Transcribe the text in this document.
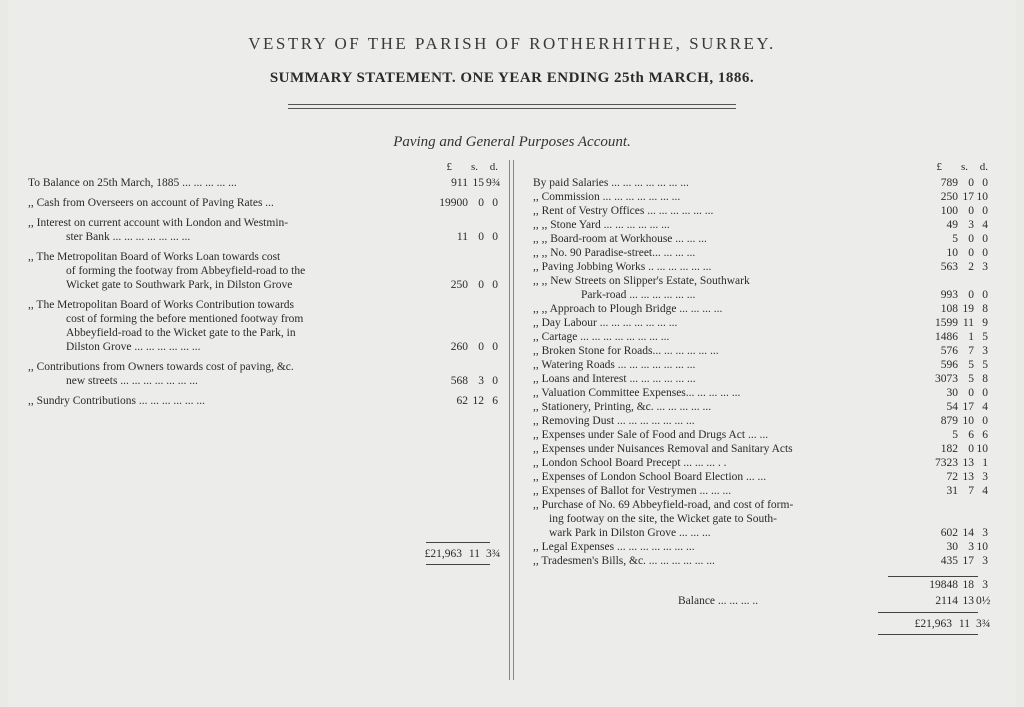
VESTRY OF THE PARISH OF ROTHERHITHE, SURREY.
SUMMARY STATEMENT. ONE YEAR ENDING 25th MARCH, 1886.
Paving and General Purposes Account.
£ s. d.
To Balance on 25th March, 1885 ... ... ... ... ...	911 15 9¾
,, Cash from Overseers on account of Paving Rates ...	19900 0 0
,, Interest on current account with London and Westmin-
ster Bank ... ... ... ... ... ... ...	11 0 0
,, The Metropolitan Board of Works Loan towards cost
of forming the footway from Abbeyfield-road to the
Wicket gate to Southwark Park, in Dilston Grove	250 0 0
,, The Metropolitan Board of Works Contribution towards
cost of forming the before mentioned footway from
Abbeyfield-road to the Wicket gate to the Park, in
Dilston Grove ... ... ... ... ... ...	260 0 0
,, Contributions from Owners towards cost of paving, &c.
new streets ... ... ... ... ... ... ...	568 3 0
,, Sundry Contributions ... ... ... ... ... ...	62 12 6
£21,963 11 3¾
£ s. d.
By paid Salaries ... ... ... ... ... ... ...	789 0 0
,, Commission ... ... ... ... ... ... ...	250 17 10
,, Rent of Vestry Offices ... ... ... ... ... ...	100 0 0
,, ,, Stone Yard ... ... ... ... ... ...	49 3 4
,, ,, Board-room at Workhouse ... ... ...	5 0 0
,, ,, No. 90 Paradise-street... ... ... ...	10 0 0
,, Paving Jobbing Works .. ... ... ... ... ...	563 2 3
,, ,, New Streets on Slipper's Estate, Southwark
Park-road ... ... ... ... ... ...	993 0 0
,, ,, Approach to Plough Bridge ... ... ... ...	108 19 8
,, Day Labour ... ... ... ... ... ... ...	1599 11 9
,, Cartage ... ... ... ... ... ... ... ...	1486 1 5
,, Broken Stone for Roads... ... ... ... ... ...	576 7 3
,, Watering Roads ... ... ... ... ... ... ...	596 5 5
,, Loans and Interest ... ... ... ... ... ...	3073 5 8
,, Valuation Committee Expenses... ... ... ... ...	30 0 0
,, Stationery, Printing, &c. ... ... ... ... ...	54 17 4
,, Removing Dust ... ... ... ... ... ... ...	879 10 0
,, Expenses under Sale of Food and Drugs Act ... ...	5 6 6
,, Expenses under Nuisances Removal and Sanitary Acts	182 0 10
,, London School Board Precept ... ... ... . .	7323 13 1
,, Expenses of London School Board Election ... ...	72 13 3
,, Expenses of Ballot for Vestrymen ... ... ...	31 7 4
,, Purchase of No. 69 Abbeyfield-road, and cost of form-
ing footway on the site, the Wicket gate to South-
wark Park in Dilston Grove ... ... ...	602 14 3
,, Legal Expenses ... ... ... ... ... ... ...	30 3 10
,, Tradesmen's Bills, &c. ... ... ... ... ... ...	435 17 3
19848 18 3
Balance ... ... ... ..	2114 13 0½
£21,963 11 3¾
